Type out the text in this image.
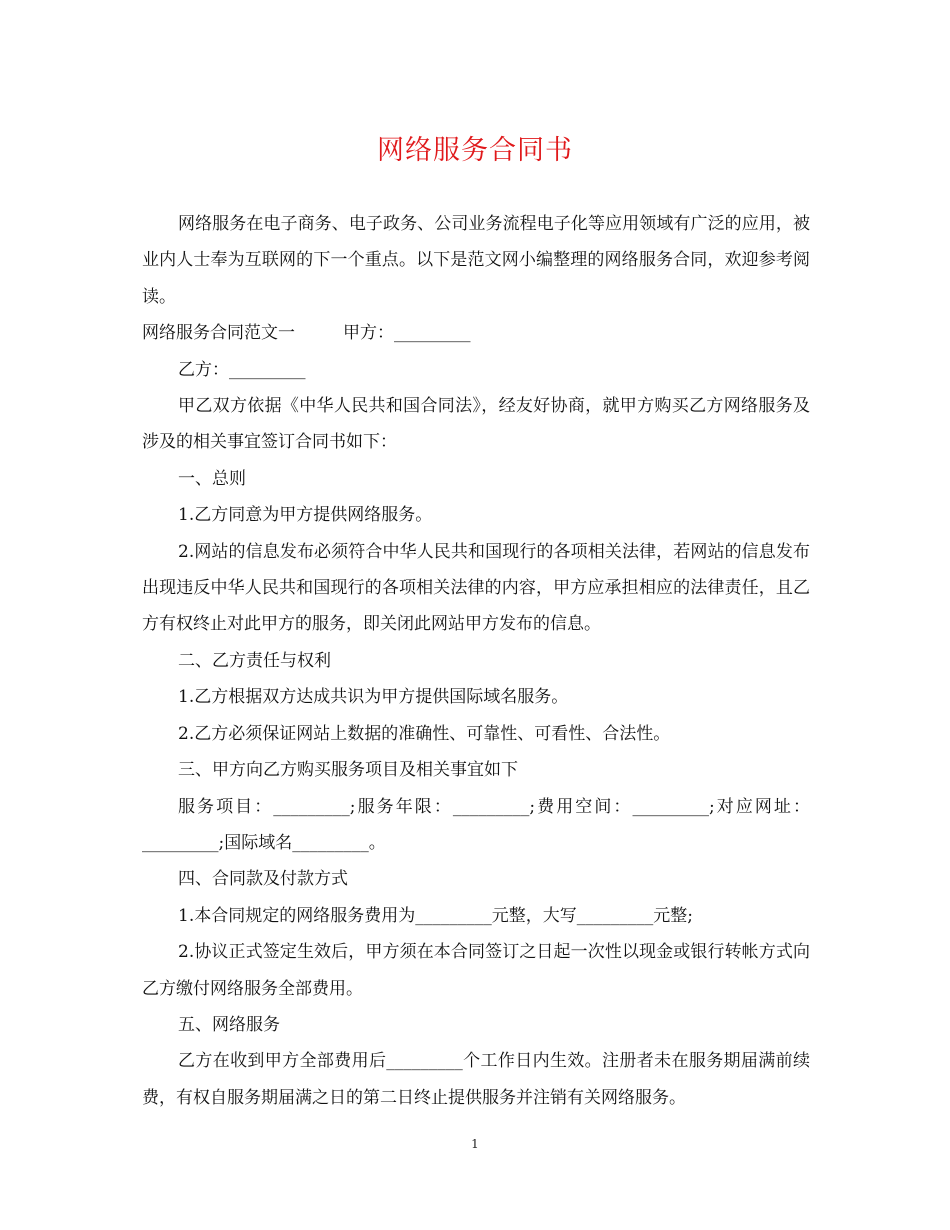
网络服务合同书

网络服务在电子商务、电子政务、公司业务流程电子化等应用领域有广泛的应用，被业内人士奉为互联网的下一个重点。以下是范文网小编整理的网络服务合同，欢迎参考阅读。

网络服务合同范文一	甲方：_________

乙方：_________

甲乙双方依据《中华人民共和国合同法》，经友好协商，就甲方购买乙方网络服务及涉及的相关事宜签订合同书如下：

一、总则

1.乙方同意为甲方提供网络服务。

2.网站的信息发布必须符合中华人民共和国现行的各项相关法律，若网站的信息发布出现违反中华人民共和国现行的各项相关法律的内容，甲方应承担相应的法律责任，且乙方有权终止对此甲方的服务，即关闭此网站甲方发布的信息。

二、乙方责任与权利

1.乙方根据双方达成共识为甲方提供国际域名服务。

2.乙方必须保证网站上数据的准确性、可靠性、可看性、合法性。

三、甲方向乙方购买服务项目及相关事宜如下

服务项目：_________;服务年限：_________;费用空间：_________;对应网址：_________;国际域名_________。

四、合同款及付款方式

1.本合同规定的网络服务费用为_________元整，大写_________元整;

2.协议正式签定生效后，甲方须在本合同签订之日起一次性以现金或银行转帐方式向乙方缴付网络服务全部费用。

五、网络服务

乙方在收到甲方全部费用后_________个工作日内生效。注册者未在服务期届满前续费，有权自服务期届满之日的第二日终止提供服务并注销有关网络服务。

1
